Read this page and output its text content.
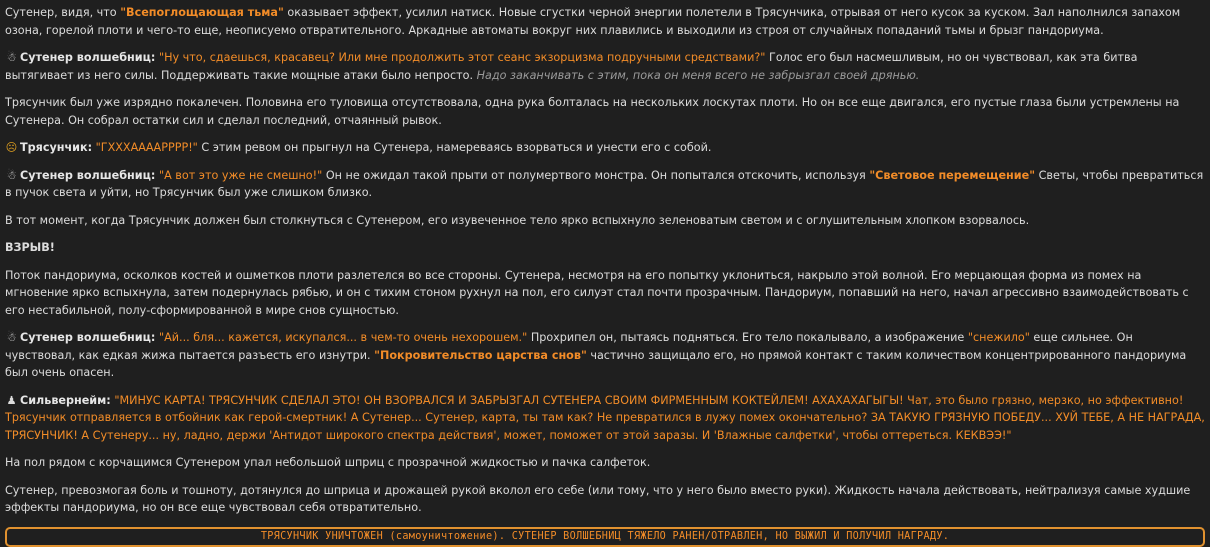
Сутенер, видя, что "Всепоглощающая тьма" оказывает эффект, усилил натиск. Новые сгустки черной энергии полетели в Трясунчика, отрывая от него кусок за куском. Зал наполнился запахом озона, горелой плоти и чего-то еще, неописуемо отвратительного. Аркадные автоматы вокруг них плавились и выходили из строя от случайных попаданий тьмы и брызг пандориума.

☃ Сутенер волшебниц: "Ну что, сдаешься, красавец? Или мне продолжить этот сеанс экзорцизма подручными средствами?" Голос его был насмешливым, но он чувствовал, как эта битва вытягивает из него силы. Поддерживать такие мощные атаки было непросто. Надо заканчивать с этим, пока он меня всего не забрызгал своей дрянью.

Трясунчик был уже изрядно покалечен. Половина его туловища отсутствовала, одна рука болталась на нескольких лоскутах плоти. Но он все еще двигался, его пустые глаза были устремлены на Сутенера. Он собрал остатки сил и сделал последний, отчаянный рывок.

☹ Трясунчик: "ГХХХААААРРРР!" С этим ревом он прыгнул на Сутенера, намереваясь взорваться и унести его с собой.

☃ Сутенер волшебниц: "А вот это уже не смешно!" Он не ожидал такой прыти от полумертвого монстра. Он попытался отскочить, используя "Световое перемещение" Светы, чтобы превратиться в пучок света и уйти, но Трясунчик был уже слишком близко.

В тот момент, когда Трясунчик должен был столкнуться с Сутенером, его изувеченное тело ярко вспыхнуло зеленоватым светом и с оглушительным хлопком взорвалось.

ВЗРЫВ!

Поток пандориума, осколков костей и ошметков плоти разлетелся во все стороны. Сутенера, несмотря на его попытку уклониться, накрыло этой волной. Его мерцающая форма из помех на мгновение ярко вспыхнула, затем подернулась рябью, и он с тихим стоном рухнул на пол, его силуэт стал почти прозрачным. Пандориум, попавший на него, начал агрессивно взаимодействовать с его нестабильной, полу-сформированной в мире снов сущностью.

☃ Сутенер волшебниц: "Ай... бля... кажется, искупался... в чем-то очень нехорошем." Прохрипел он, пытаясь подняться. Его тело покалывало, а изображение "снежило" еще сильнее. Он чувствовал, как едкая жижа пытается разъесть его изнутри. "Покровительство царства снов" частично защищало его, но прямой контакт с таким количеством концентрированного пандориума был очень опасен.

♟ Сильвернейм: "МИНУС КАРТА! ТРЯСУНЧИК СДЕЛАЛ ЭТО! ОН ВЗОРВАЛСЯ И ЗАБРЫЗГАЛ СУТЕНЕРА СВОИМ ФИРМЕННЫМ КОКТЕЙЛЕМ! АХАХАХАГЫГЫ! Чат, это было грязно, мерзко, но эффективно! Трясунчик отправляется в отбойник как герой-смертник! А Сутенер... Сутенер, карта, ты там как? Не превратился в лужу помех окончательно? ЗА ТАКУЮ ГРЯЗНУЮ ПОБЕДУ... ХУЙ ТЕБЕ, А НЕ НАГРАДА, ТРЯСУНЧИК! А Сутенеру... ну, ладно, держи 'Антидот широкого спектра действия', может, поможет от этой заразы. И 'Влажные салфетки', чтобы оттереться. КЕКВЭЭ!"

На пол рядом с корчащимся Сутенером упал небольшой шприц с прозрачной жидкостью и пачка салфеток.

Сутенер, превозмогая боль и тошноту, дотянулся до шприца и дрожащей рукой вколол его себе (или тому, что у него было вместо руки). Жидкость начала действовать, нейтрализуя самые худшие эффекты пандориума, но он все еще чувствовал себя отвратительно.

ТРЯСУНЧИК УНИЧТОЖЕН (самоуничтожение). СУТЕНЕР ВОЛШЕБНИЦ ТЯЖЕЛО РАНЕН/ОТРАВЛЕН, НО ВЫЖИЛ И ПОЛУЧИЛ НАГРАДУ.
